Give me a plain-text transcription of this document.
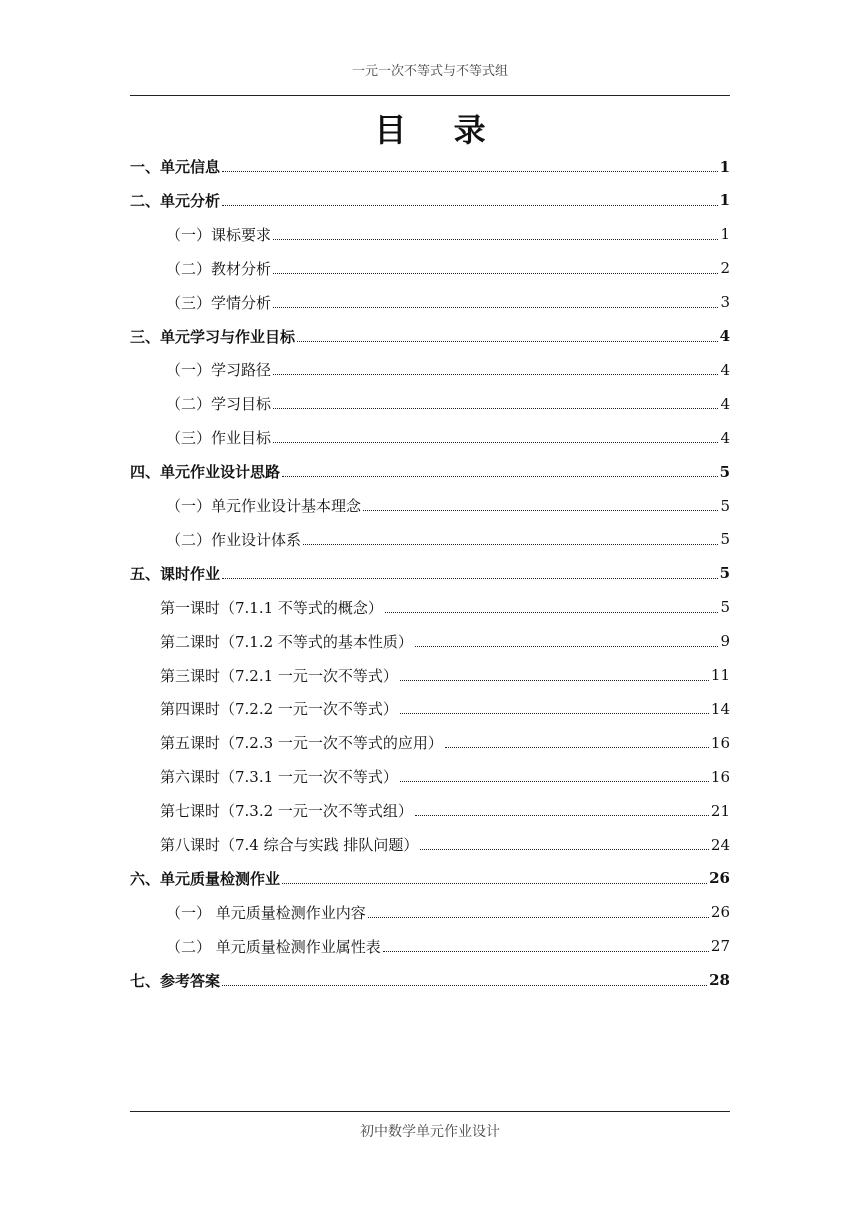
一元一次不等式与不等式组
目 录
一、单元信息	1
二、单元分析	1
（一）课标要求	1
（二）教材分析	2
（三）学情分析	3
三、单元学习与作业目标	4
（一）学习路径	4
（二）学习目标	4
（三）作业目标	4
四、单元作业设计思路	5
（一）单元作业设计基本理念	5
（二）作业设计体系	5
五、课时作业	5
第一课时（7.1.1 不等式的概念）	5
第二课时（7.1.2 不等式的基本性质）	9
第三课时（7.2.1 一元一次不等式）	11
第四课时（7.2.2 一元一次不等式）	14
第五课时（7.2.3 一元一次不等式的应用）	16
第六课时（7.3.1 一元一次不等式）	16
第七课时（7.3.2 一元一次不等式组）	21
第八课时（7.4 综合与实践 排队问题）	24
六、单元质量检测作业	26
（一） 单元质量检测作业内容	26
（二） 单元质量检测作业属性表	27
七、参考答案	28
初中数学单元作业设计
